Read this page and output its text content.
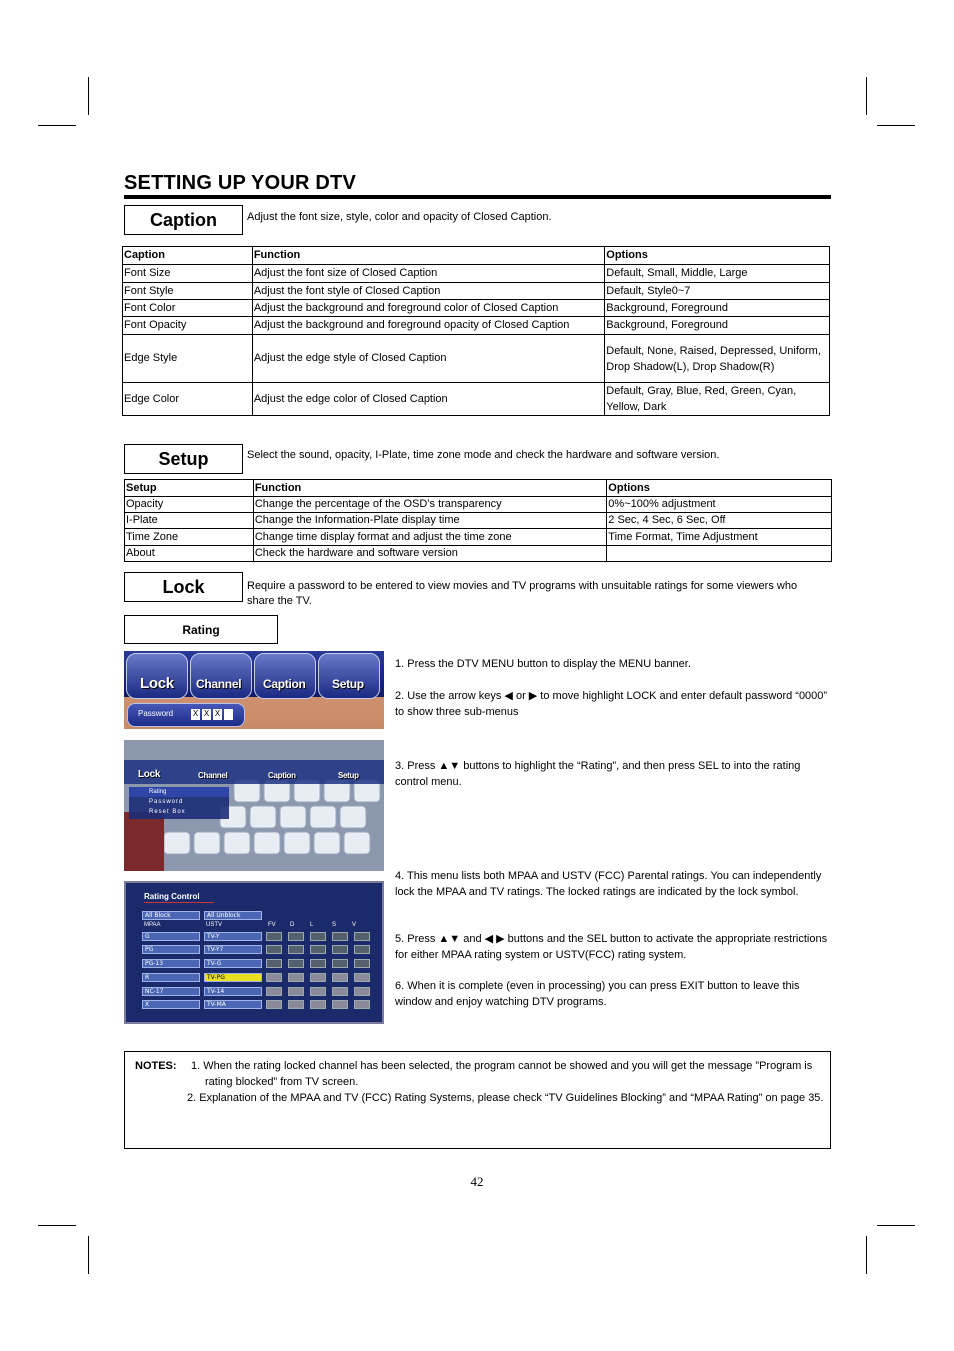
SETTING UP YOUR DTV
Caption	Adjust the font size, style, color and opacity of Closed Caption.
Caption	Function	Options
Font Size	Adjust the font size of Closed Caption	Default, Small, Middle, Large
Font Style	Adjust the font style of Closed Caption	Default, Style0~7
Font Color	Adjust the background and foreground color of Closed Caption	Background, Foreground
Font Opacity	Adjust the background and foreground opacity of Closed Caption	Background, Foreground
Edge Style	Adjust the edge style of Closed Caption	Default, None, Raised, Depressed, Uniform, Drop Shadow(L), Drop Shadow(R)
Edge Color	Adjust the edge color of Closed Caption	Default, Gray, Blue, Red, Green, Cyan, Yellow, Dark
Setup	Select the sound, opacity, I-Plate, time zone mode and check the hardware and software version.
Setup	Function	Options
Opacity	Change the percentage of the OSD’s transparency	0%~100% adjustment
I-Plate	Change the Information-Plate display time	2 Sec, 4 Sec, 6 Sec, Off
Time Zone	Change time display format and adjust the time zone	Time Format, Time Adjustment
About	Check the hardware and software version	
Lock	Require a password to be entered to view movies and TV programs with unsuitable ratings for some viewers who share the TV.
Rating
Lock Channel Caption Setup
Password X X X
Lock	Channel	Caption	Setup
Rating
Password
Reset Box
Rating Control
All Block	All Unblock
MPAA	USTV	FV D	L	S	V
G	TV-Y
PG	TV-Y7
PG-13	TV-G
R	TV-PG
NC-17	TV-14
X	TV-MA
1. Press the DTV MENU button to display the MENU banner.
2. Use the arrow keys ◀ or ▶ to move highlight LOCK and enter default password “0000” to show three sub-menus
3. Press ▲▼ buttons to highlight the “Rating”, and then press SEL to into the rating control menu.
4. This menu lists both MPAA and USTV (FCC) Parental ratings. You can independently lock the MPAA and TV ratings. The locked ratings are indicated by the lock symbol.
5. Press ▲▼ and ◀ ▶ buttons and the SEL button to activate the appropriate restrictions for either MPAA rating system or USTV(FCC) rating system.
6. When it is complete (even in processing) you can press EXIT button to leave this window and enjoy watching DTV programs.
NOTES: 1. When the rating locked channel has been selected, the program cannot be showed and you will get the message ”Program is rating blocked” from TV screen.
2. Explanation of the MPAA and TV (FCC) Rating Systems, please check “TV Guidelines Blocking” and “MPAA Rating” on page 35.
42
